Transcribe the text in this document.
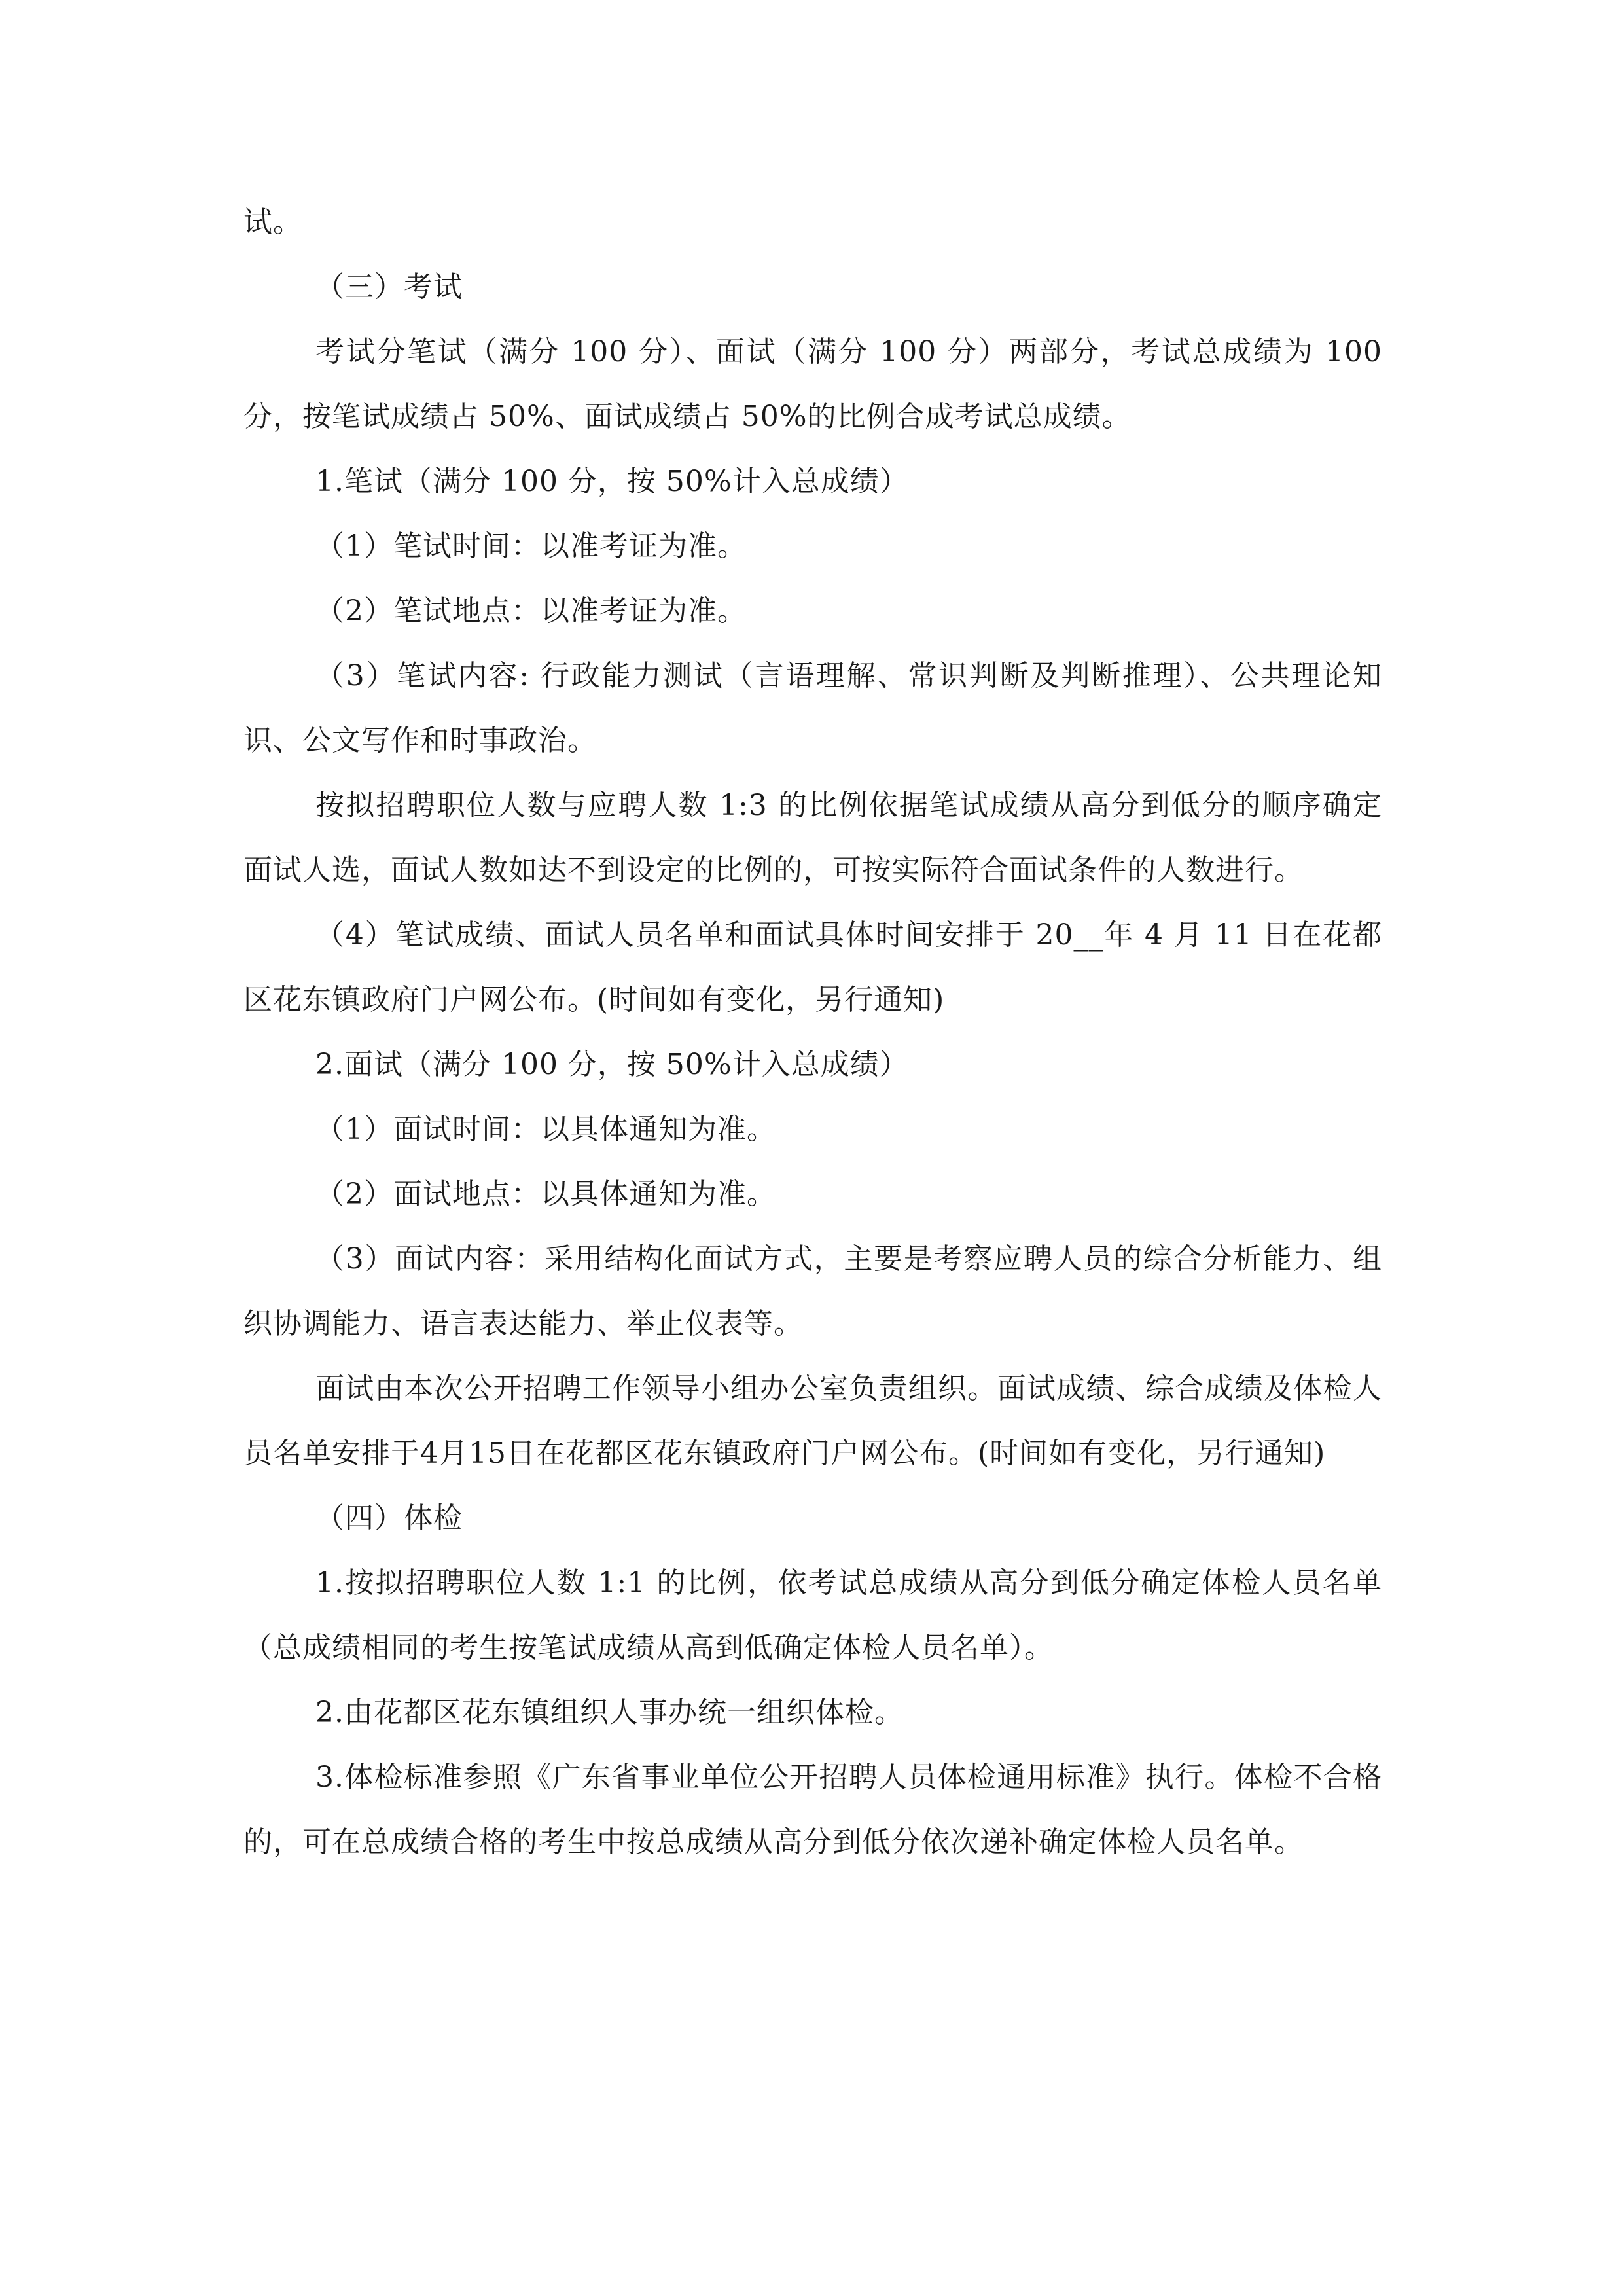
试。

（三）考试

考试分笔试（满分 100 分）、面试（满分 100 分）两部分，考试总成绩为 100 分，按笔试成绩占 50%、面试成绩占 50%的比例合成考试总成绩。

1.笔试（满分 100 分，按 50%计入总成绩）

（1）笔试时间：以准考证为准。

（2）笔试地点：以准考证为准。

（3）笔试内容: 行政能力测试（言语理解、常识判断及判断推理）、公共理论知识、公文写作和时事政治。

按拟招聘职位人数与应聘人数 1:3 的比例依据笔试成绩从高分到低分的顺序确定面试人选，面试人数如达不到设定的比例的，可按实际符合面试条件的人数进行。

（4）笔试成绩、面试人员名单和面试具体时间安排于 20__年 4 月 11 日在花都区花东镇政府门户网公布。(时间如有变化，另行通知)

2.面试（满分 100 分，按 50%计入总成绩）

（1）面试时间：以具体通知为准。

（2）面试地点：以具体通知为准。

（3）面试内容：采用结构化面试方式，主要是考察应聘人员的综合分析能力、组织协调能力、语言表达能力、举止仪表等。

面试由本次公开招聘工作领导小组办公室负责组织。面试成绩、综合成绩及体检人员名单安排于4月15日在花都区花东镇政府门户网公布。(时间如有变化，另行通知)

（四）体检

1.按拟招聘职位人数 1:1 的比例，依考试总成绩从高分到低分确定体检人员名单（总成绩相同的考生按笔试成绩从高到低确定体检人员名单）。

2.由花都区花东镇组织人事办统一组织体检。

3.体检标准参照《广东省事业单位公开招聘人员体检通用标准》执行。体检不合格的，可在总成绩合格的考生中按总成绩从高分到低分依次递补确定体检人员名单。
